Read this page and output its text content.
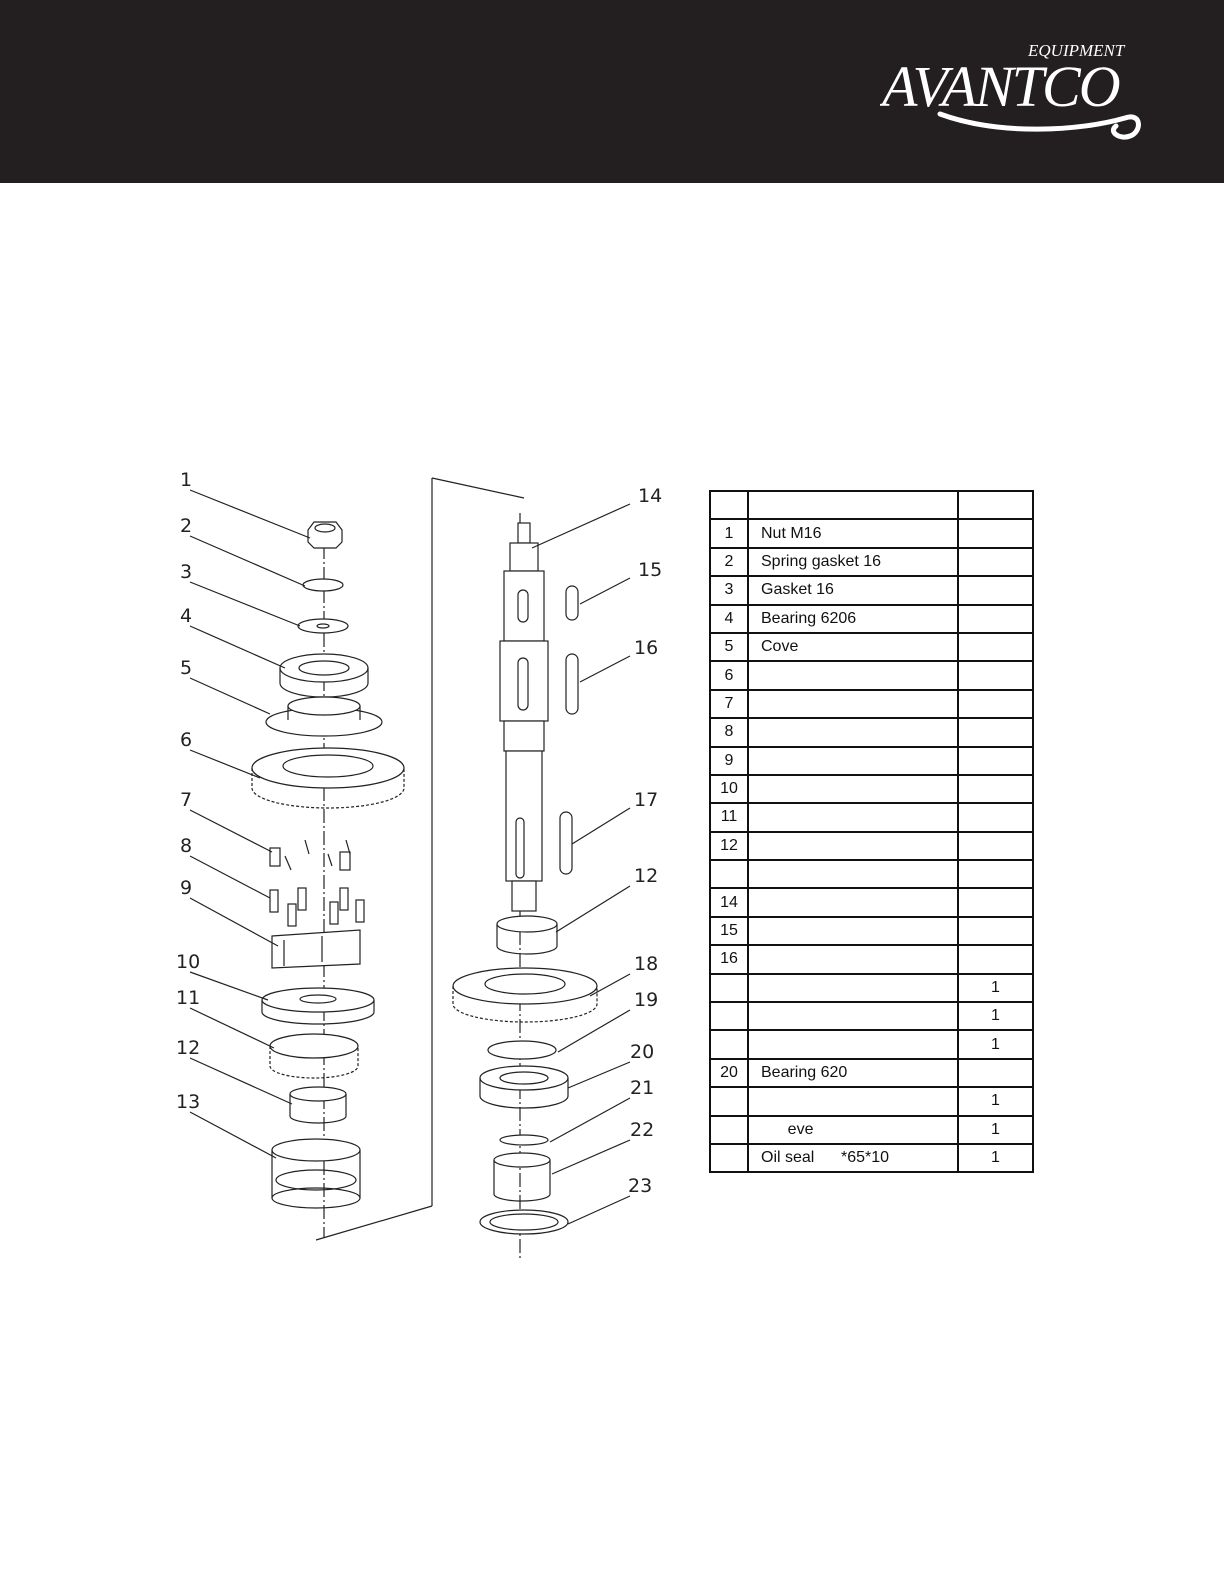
EQUIPMENT
AVANTCO
1
2
3
4
5
6
7
8
9
10
11
12
13
14
15
16
17
12
18
19
20
21
22
23

1	Nut M16	
2	Spring gasket 16	
3	Gasket 16	
4	Bearing 6206	
5	Cove	
6		
7		
8		
9		
10		
11		
12		

14		
15		
16		
		1
		1
		1
20	Bearing 620	
		1
	eve	1
	Oil seal      *65*10	1
